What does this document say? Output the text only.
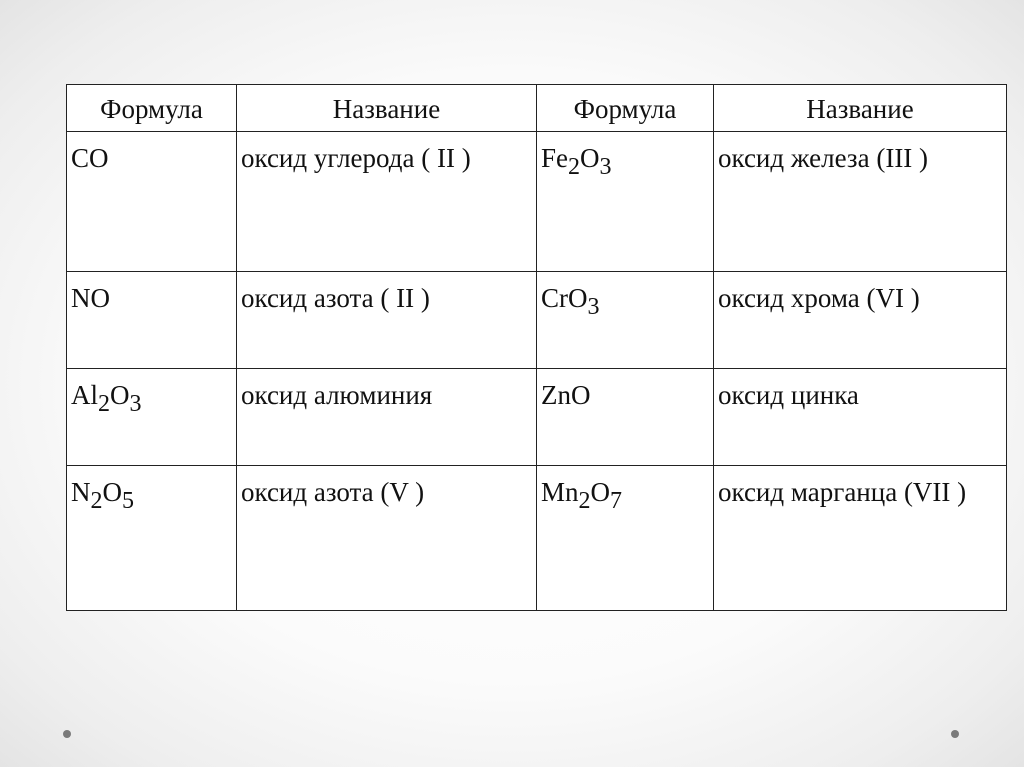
Формула	Название	Формула	Название
CO	оксид углерода ( II )	Fe2O3	оксид железа (III )
NO	оксид азота ( II )	CrO3	оксид хрома (VI )
Al2O3	оксид алюминия	ZnO	оксид цинка
N2O5	оксид азота (V )	Mn2O7	оксид марганца (VII )
